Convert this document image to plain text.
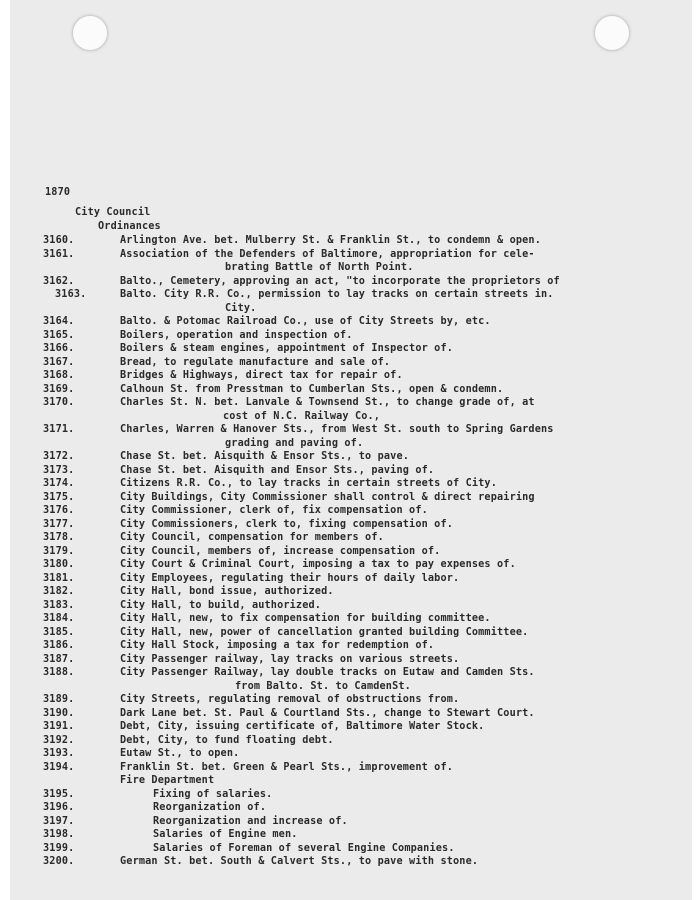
1870
City Council
Ordinances
3160.	Arlington Ave. bet. Mulberry St. & Franklin St., to condemn & open.
3161.	Association of the Defenders of Baltimore, appropriation for cele-
brating Battle of North Point.
3162.	Balto., Cemetery, approving an act, "to incorporate the proprietors of
3163.	Balto. City R.R. Co., permission to lay tracks on certain streets in.
City.
3164.	Balto. & Potomac Railroad Co., use of City Streets by, etc.
3165.	Boilers, operation and inspection of.
3166.	Boilers & steam engines, appointment of Inspector of.
3167.	Bread, to regulate manufacture and sale of.
3168.	Bridges & Highways, direct tax for repair of.
3169.	Calhoun St. from Presstman to Cumberlan Sts., open & condemn.
3170.	Charles St. N. bet. Lanvale & Townsend St., to change grade of, at
cost of N.C. Railway Co.,
3171.	Charles, Warren & Hanover Sts., from West St. south to Spring Gardens
grading and paving of.
3172.	Chase St. bet. Aisquith & Ensor Sts., to pave.
3173.	Chase St. bet. Aisquith and Ensor Sts., paving of.
3174.	Citizens R.R. Co., to lay tracks in certain streets of City.
3175.	City Buildings, City Commissioner shall control & direct repairing
3176.	City Commissioner, clerk of, fix compensation of.
3177.	City Commissioners, clerk to, fixing compensation of.
3178.	City Council, compensation for members of.
3179.	City Council, members of, increase compensation of.
3180.	City Court & Criminal Court, imposing a tax to pay expenses of.
3181.	City Employees, regulating their hours of daily labor.
3182.	City Hall, bond issue, authorized.
3183.	City Hall, to build, authorized.
3184.	City Hall, new, to fix compensation for building committee.
3185.	City Hall, new, power of cancellation granted building Committee.
3186.	City Hall Stock, imposing a tax for redemption of.
3187.	City Passenger railway, lay tracks on various streets.
3188.	City Passenger Railway, lay double tracks on Eutaw and Camden Sts.
from Balto. St. to CamdenSt.
3189.	City Streets, regulating removal of obstructions from.
3190.	Dark Lane bet. St. Paul & Courtland Sts., change to Stewart Court.
3191.	Debt, City, issuing certificate of, Baltimore Water Stock.
3192.	Debt, City, to fund floating debt.
3193.	Eutaw St., to open.
3194.	Franklin St. bet. Green & Pearl Sts., improvement of.
Fire Department
3195.	Fixing of salaries.
3196.	Reorganization of.
3197.	Reorganization and increase of.
3198.	Salaries of Engine men.
3199.	Salaries of Foreman of several Engine Companies.
3200.	German St. bet. South & Calvert Sts., to pave with stone.
